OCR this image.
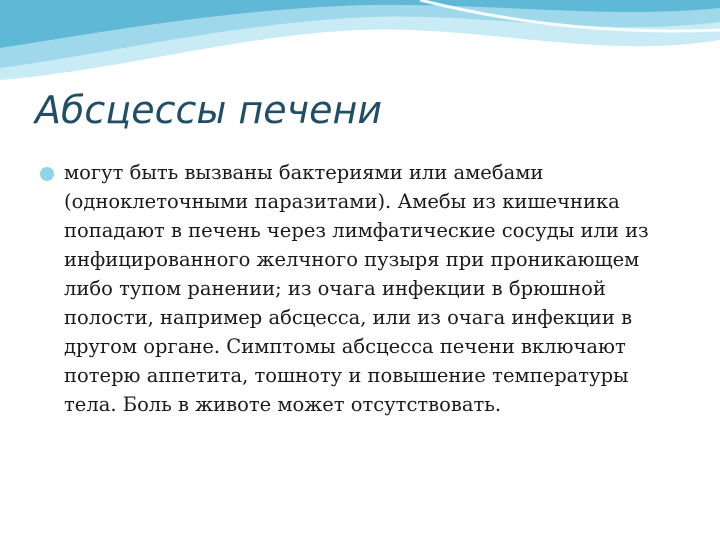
Абсцессы печени

могут быть вызваны бактериями или амебами (одноклеточными паразитами). Амебы из кишечника попадают в печень через лимфатические сосуды или из инфицированного желчного пузыря при проникающем либо тупом ранении; из очага инфекции в брюшной полости, например абсцесса, или из очага инфекции в другом органе. Симптомы абсцесса печени включают потерю аппетита, тошноту и повышение температуры тела. Боль в животе может отсутствовать.
